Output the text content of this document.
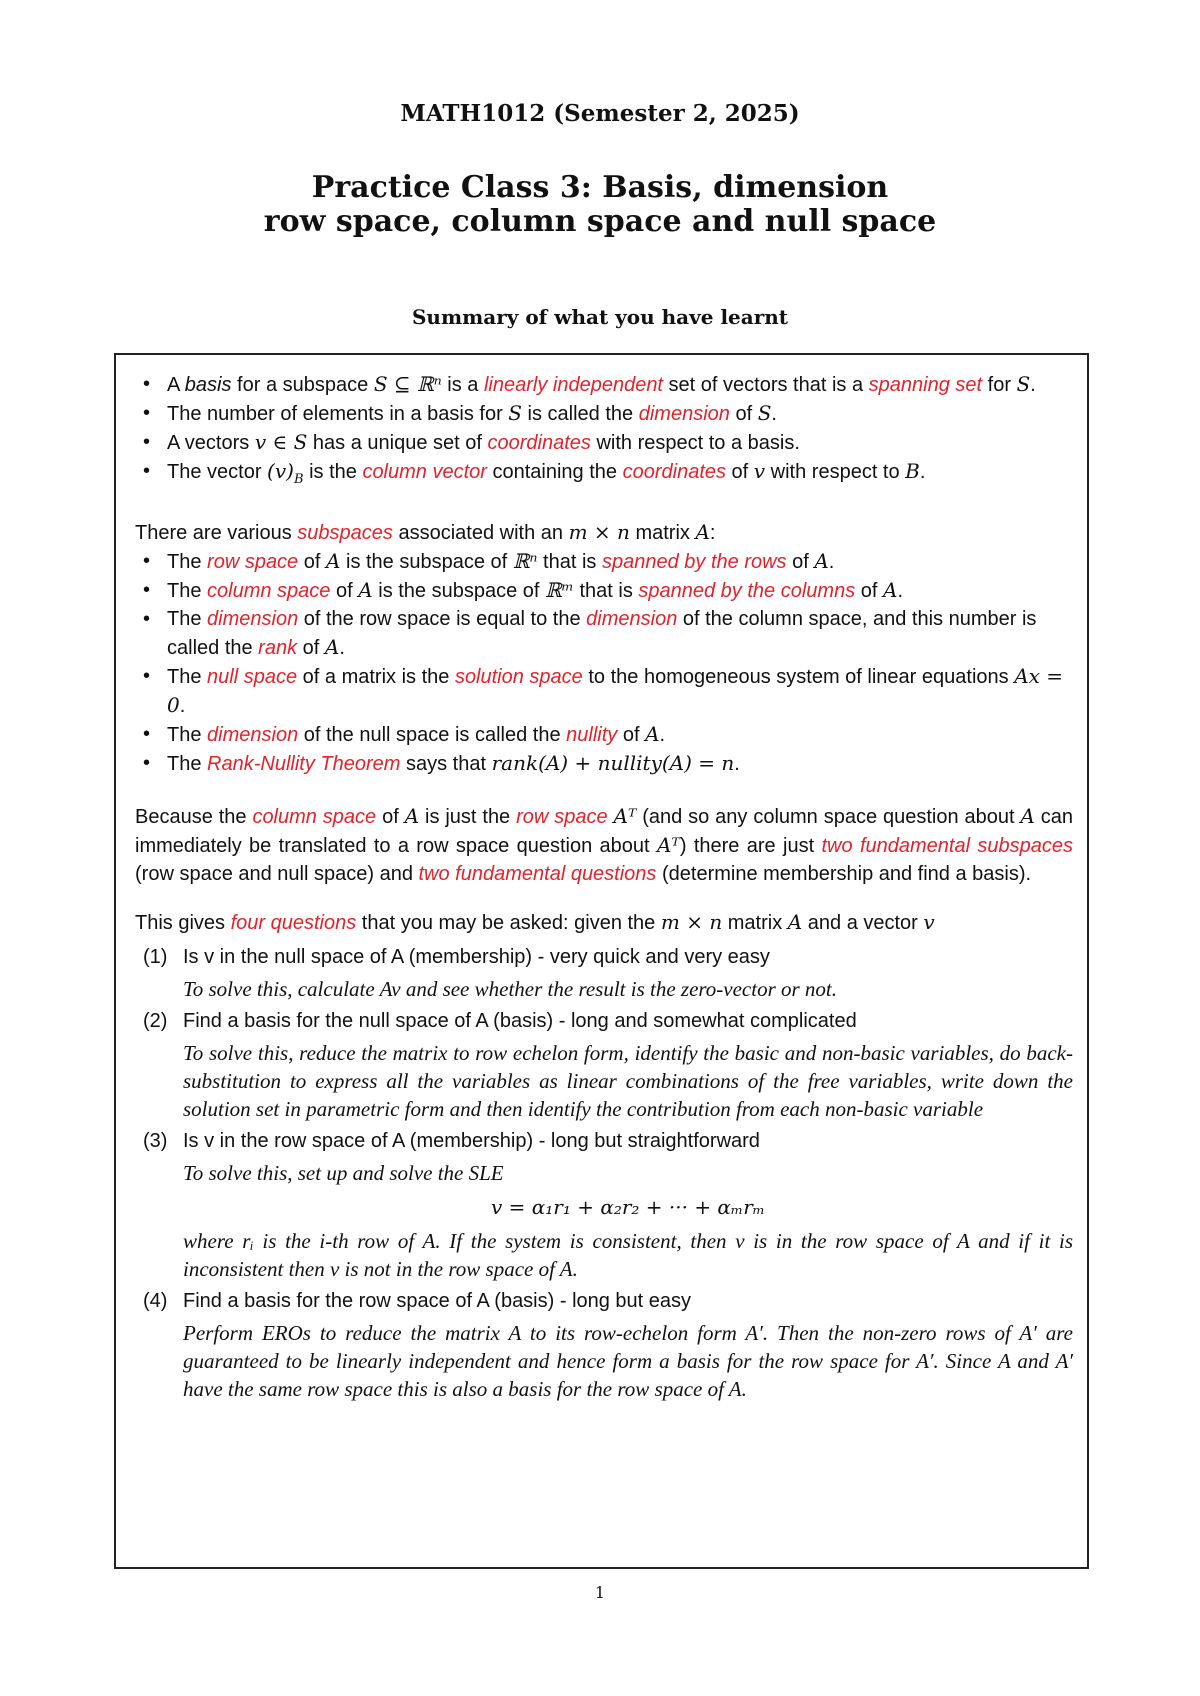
MATH1012 (Semester 2, 2025)
Practice Class 3: Basis, dimension
row space, column space and null space
Summary of what you have learnt
• A basis for a subspace S ⊆ ℝⁿ is a linearly independent set of vectors that is a spanning set for S.
• The number of elements in a basis for S is called the dimension of S.
• A vectors v ∈ S has a unique set of coordinates with respect to a basis.
• The vector $(v)_B$ is the column vector containing the coordinates of v with respect to B.

There are various subspaces associated with an m × n matrix A:

• The row space of A is the subspace of ℝⁿ that is spanned by the rows of A.
• The column space of A is the subspace of ℝᵐ that is spanned by the columns of A.
• The dimension of the row space is equal to the dimension of the column space, and this number is called the rank of A.
• The null space of a matrix is the solution space to the homogeneous system of linear equations Ax = 0.
• The dimension of the null space is called the nullity of A.
• The Rank-Nullity Theorem says that rank(A) + nullity(A) = n.

Because the column space of A is just the row space Aᵀ (and so any column space question about A can immediately be translated to a row space question about Aᵀ) there are just two fundamental subspaces (row space and null space) and two fundamental questions (determine membership and find a basis).

This gives four questions that you may be asked: given the m × n matrix A and a vector v

(1) Is v in the null space of A (membership) - very quick and very easy
To solve this, calculate Av and see whether the result is the zero-vector or not.
(2) Find a basis for the null space of A (basis) - long and somewhat complicated
To solve this, reduce the matrix to row echelon form, identify the basic and non-basic variables, do back-substitution to express all the variables as linear combinations of the free variables, write down the solution set in parametric form and then identify the contribution from each non-basic variable
(3) Is v in the row space of A (membership) - long but straightforward
To solve this, set up and solve the SLE
v = α₁r₁ + α₂r₂ + ··· + αₘrₘ
where rᵢ is the i-th row of A. If the system is consistent, then v is in the row space of A and if it is inconsistent then v is not in the row space of A.
(4) Find a basis for the row space of A (basis) - long but easy
Perform EROs to reduce the matrix A to its row-echelon form A′. Then the non-zero rows of A′ are guaranteed to be linearly independent and hence form a basis for the row space for A′. Since A and A′ have the same row space this is also a basis for the row space of A.
1
